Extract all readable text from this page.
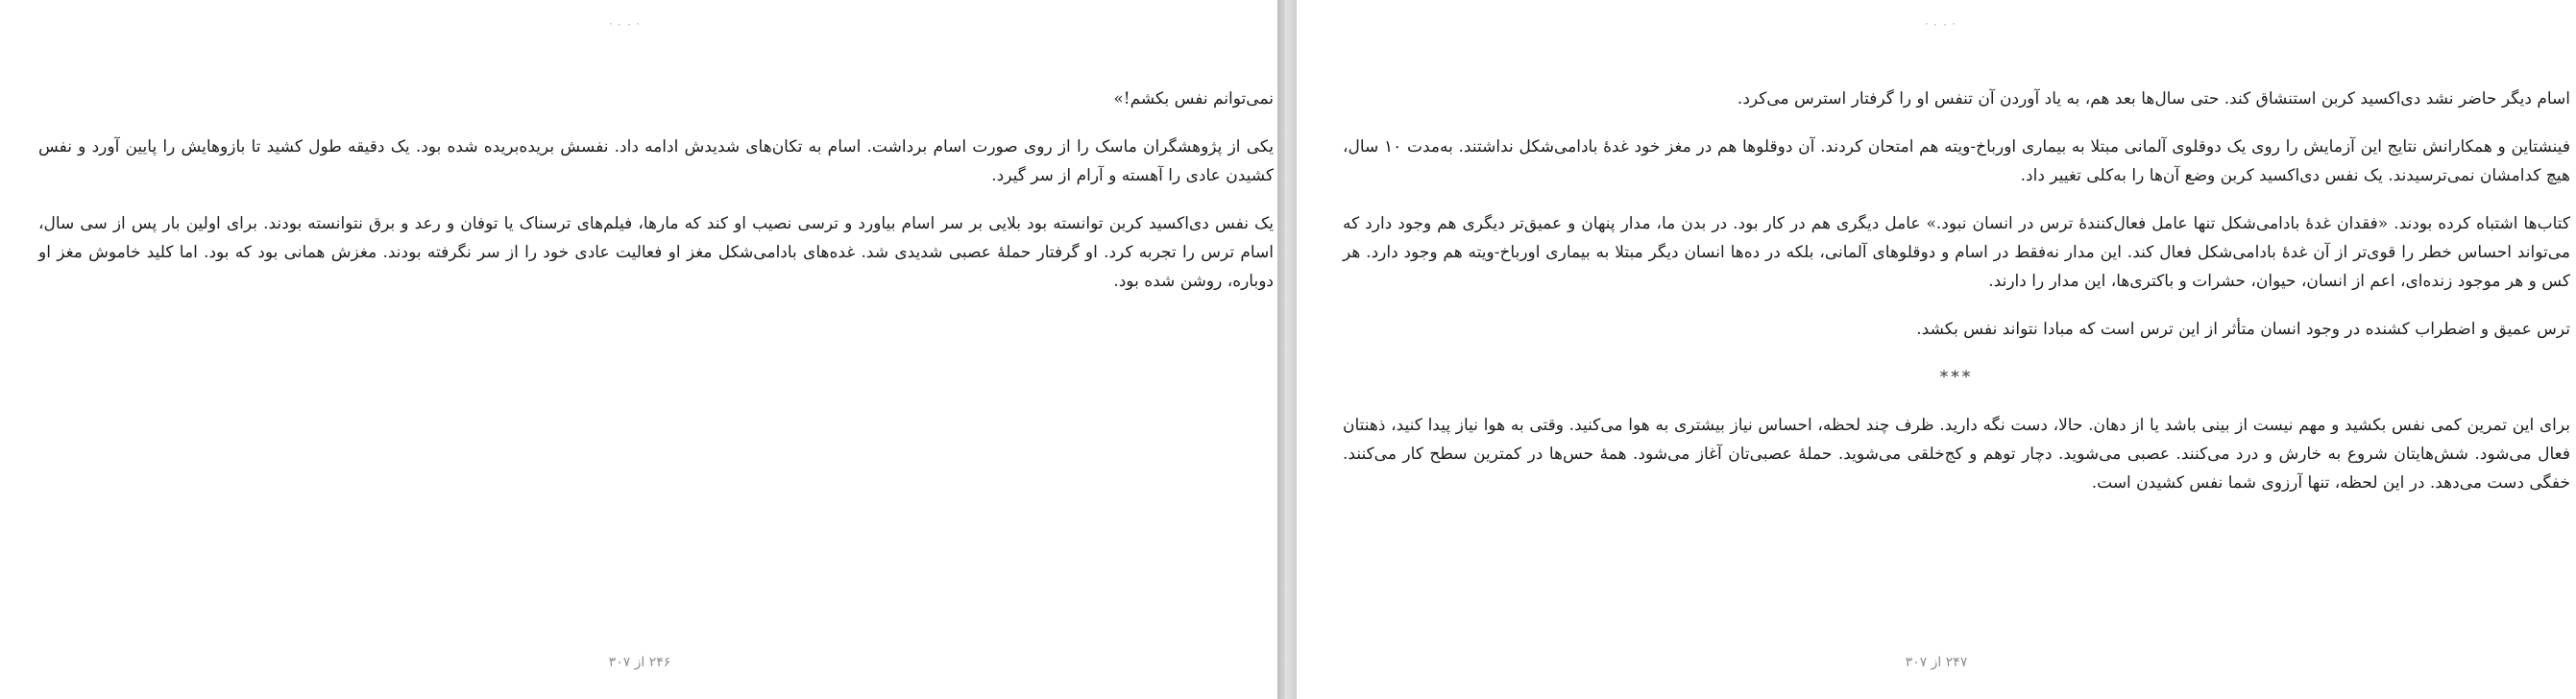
· ۰ ٠ ·

نمی‌توانم نفس بکشم!»

یکی از پژوهشگران ماسک را از روی صورت اسام برداشت. اسام به تکان‌های شدیدش ادامه داد. نفسش بریده‌بریده شده بود. یک دقیقه طول کشید تا بازوهایش را پایین آورد و نفس کشیدن عادی را آهسته و آرام از سر گیرد.

یک نفس دی‌اکسید کربن توانسته بود بلایی بر سر اسام بیاورد و ترسی نصیب او کند که مارها، فیلم‌های ترسناک یا توفان و رعد و برق نتوانسته بودند. برای اولین بار پس از سی سال، اسام ترس را تجربه کرد. او گرفتار حملهٔ عصبی شدیدی شد. غده‌های بادامی‌شکل مغز او فعالیت عادی خود را از سر نگرفته بودند. مغزش همانی بود که بود. اما کلید خاموش مغز او دوباره، روشن شده بود.

۲۴۶ از ۳۰۷
· ۰ ٠ ·

اسام دیگر حاضر نشد دی‌اکسید کربن استنشاق کند. حتی سال‌ها بعد هم، به یاد آوردن آن تنفس او را گرفتار استرس می‌کرد.

فینشتاین و همکارانش نتایج این آزمایش را روی یک دوقلوی آلمانی مبتلا به بیماری اورباخ-ویته هم امتحان کردند. آن دوقلوها هم در مغز خود غدهٔ بادامی‌شکل نداشتند. به‌مدت ۱۰ سال، هیچ کدامشان نمی‌ترسیدند. یک نفس دی‌اکسید کربن وضع آن‌ها را به‌کلی تغییر داد.

کتاب‌ها اشتباه کرده بودند. «فقدان غدهٔ بادامی‌شکل تنها عامل فعال‌کنندهٔ ترس در انسان نبود.» عامل دیگری هم در کار بود. در بدن ما، مدار پنهان و عمیق‌تر دیگری هم وجود دارد که می‌تواند احساس خطر را قوی‌تر از آن غدهٔ بادامی‌شکل فعال کند. این مدار نه‌فقط در اسام و دوقلوهای آلمانی، بلکه در ده‌ها انسان دیگر مبتلا به بیماری اورباخ-ویته هم وجود دارد. هر کس و هر موجود زنده‌ای، اعم از انسان، حیوان، حشرات و باکتری‌ها، این مدار را دارند.

ترس عمیق و اضطراب کشنده در وجود انسان متأثر از این ترس است که مبادا نتواند نفس بکشد.

***

برای این تمرین کمی نفس بکشید و مهم نیست از بینی باشد یا از دهان. حالا، دست نگه دارید. ظرف چند لحظه، احساس نیاز بیشتری به هوا می‌کنید. وقتی به هوا نیاز پیدا کنید، ذهنتان فعال می‌شود. شش‌هایتان شروع به خارش و درد می‌کنند. عصبی می‌شوید. دچار توهم و کج‌خلقی می‌شوید. حملهٔ عصبی‌تان آغاز می‌شود. همهٔ حس‌ها در کمترین سطح کار می‌کنند. خفگی دست می‌دهد. در این لحظه، تنها آرزوی شما نفس کشیدن است.

۲۴۷ از ۳۰۷
